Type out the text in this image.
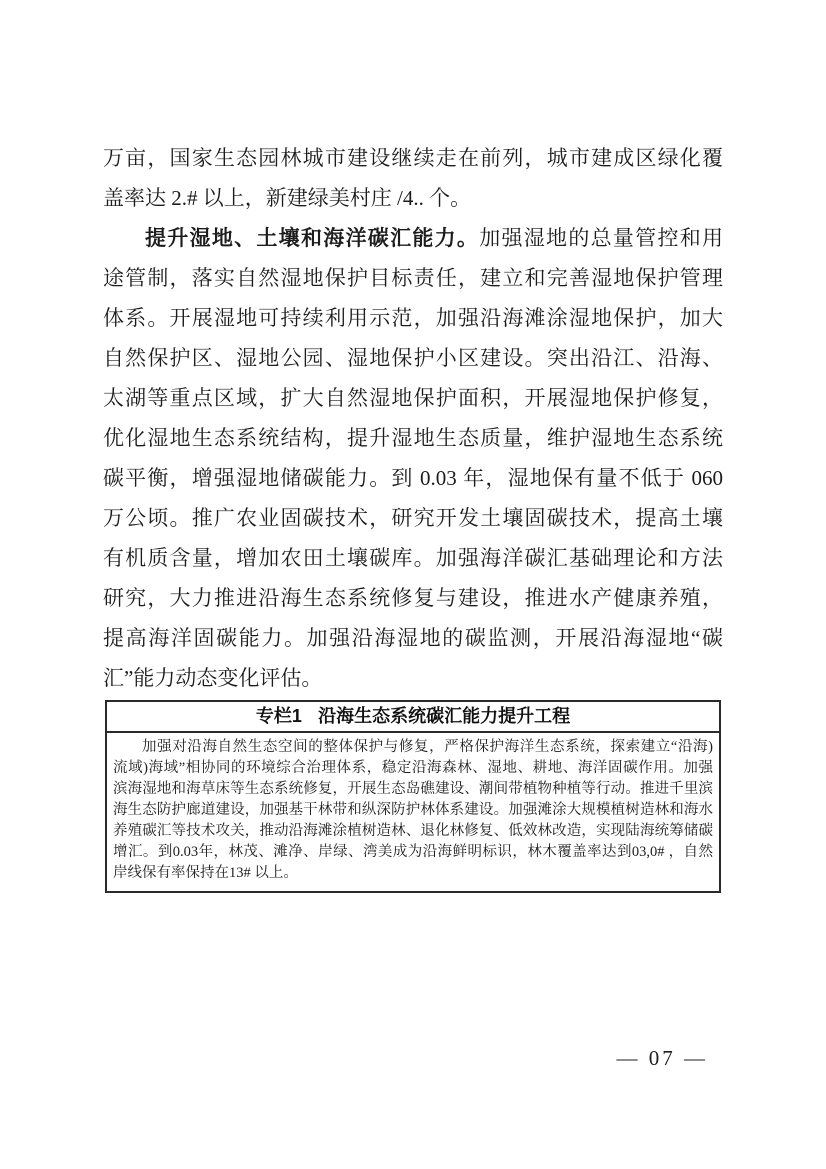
万亩，国家生态园林城市建设继续走在前列，城市建成区绿化覆
盖率达 2.# 以上，新建绿美村庄 /4.. 个。
提升湿地、土壤和海洋碳汇能力。加强湿地的总量管控和用
途管制，落实自然湿地保护目标责任，建立和完善湿地保护管理
体系。开展湿地可持续利用示范，加强沿海滩涂湿地保护，加大
自然保护区、湿地公园、湿地保护小区建设。突出沿江、沿海、
太湖等重点区域，扩大自然湿地保护面积，开展湿地保护修复，
优化湿地生态系统结构，提升湿地生态质量，维护湿地生态系统
碳平衡，增强湿地储碳能力。到 0.03 年，湿地保有量不低于 060
万公顷。推广农业固碳技术，研究开发土壤固碳技术，提高土壤
有机质含量，增加农田土壤碳库。加强海洋碳汇基础理论和方法
研究，大力推进沿海生态系统修复与建设，推进水产健康养殖，
提高海洋固碳能力。加强沿海湿地的碳监测，开展沿海湿地“碳
汇”能力动态变化评估。
专栏1 沿海生态系统碳汇能力提升工程
加强对沿海自然生态空间的整体保护与修复，严格保护海洋生态系统，探索建立“沿海)
流域)海域”相协同的环境综合治理体系，稳定沿海森林、湿地、耕地、海洋固碳作用。加强
滨海湿地和海草床等生态系统修复，开展生态岛礁建设、潮间带植物种植等行动。推进千里滨
海生态防护廊道建设，加强基干林带和纵深防护林体系建设。加强滩涂大规模植树造林和海水
养殖碳汇等技术攻关，推动沿海滩涂植树造林、退化林修复、低效林改造，实现陆海统筹储碳
增汇。到0.03年，林茂、滩净、岸绿、湾美成为沿海鲜明标识，林木覆盖率达到03,0# ，自然
岸线保有率保持在13# 以上。
— 07 —
